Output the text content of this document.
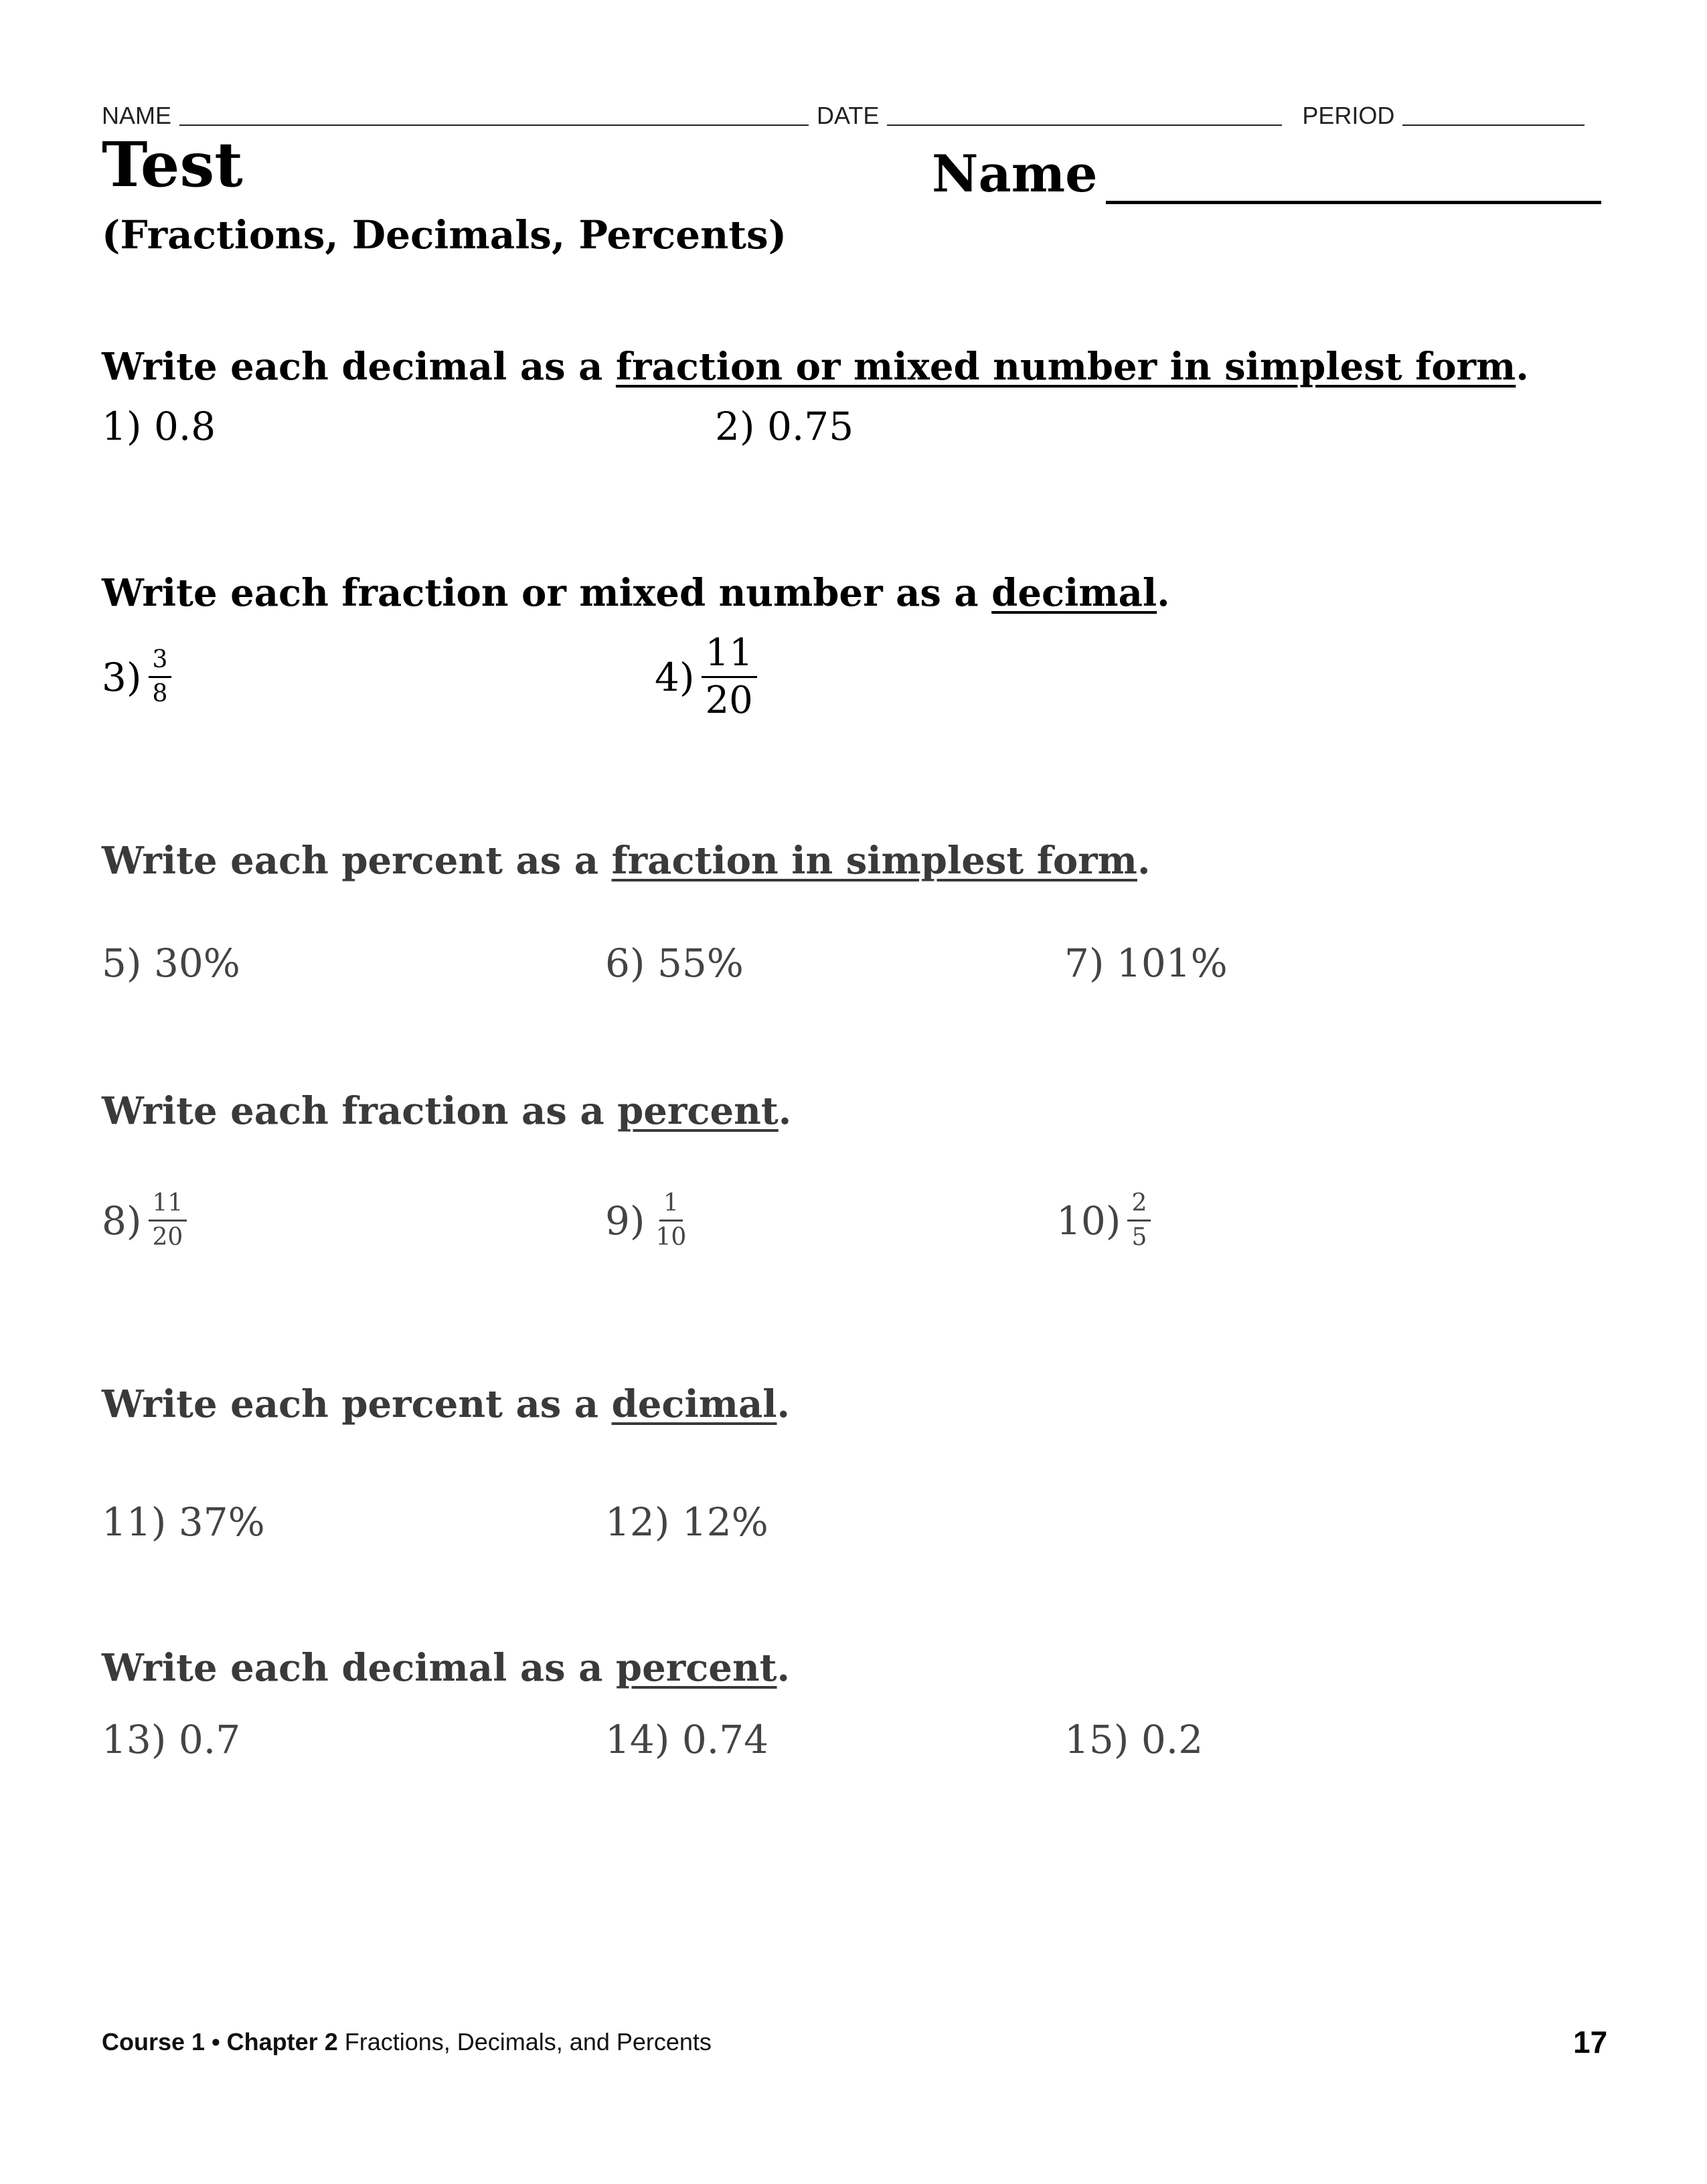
NAME	DATE	PERIOD
Test
(Fractions, Decimals, Percents)
Name
Write each decimal as a fraction or mixed number in simplest form.
1)
0.8	2)
0.75
Write each fraction or mixed number as a decimal.
$3) \frac{3}{8}$	$4) \frac{11}{20}$
Write each percent as a fraction in simplest form.
5)
30%	6)
55%	7)
101%
Write each fraction as a percent.
$8) \frac{11}{20}$	$9) \frac{1}{10}$	$10) \frac{2}{5}$
Write each percent as a decimal.
11)
37%	12)
12%
Write each decimal as a percent.
13)
0.7	14)
0.74	15)
0.2
Course 1 • Chapter 2 Fractions, Decimals, and Percents	17
